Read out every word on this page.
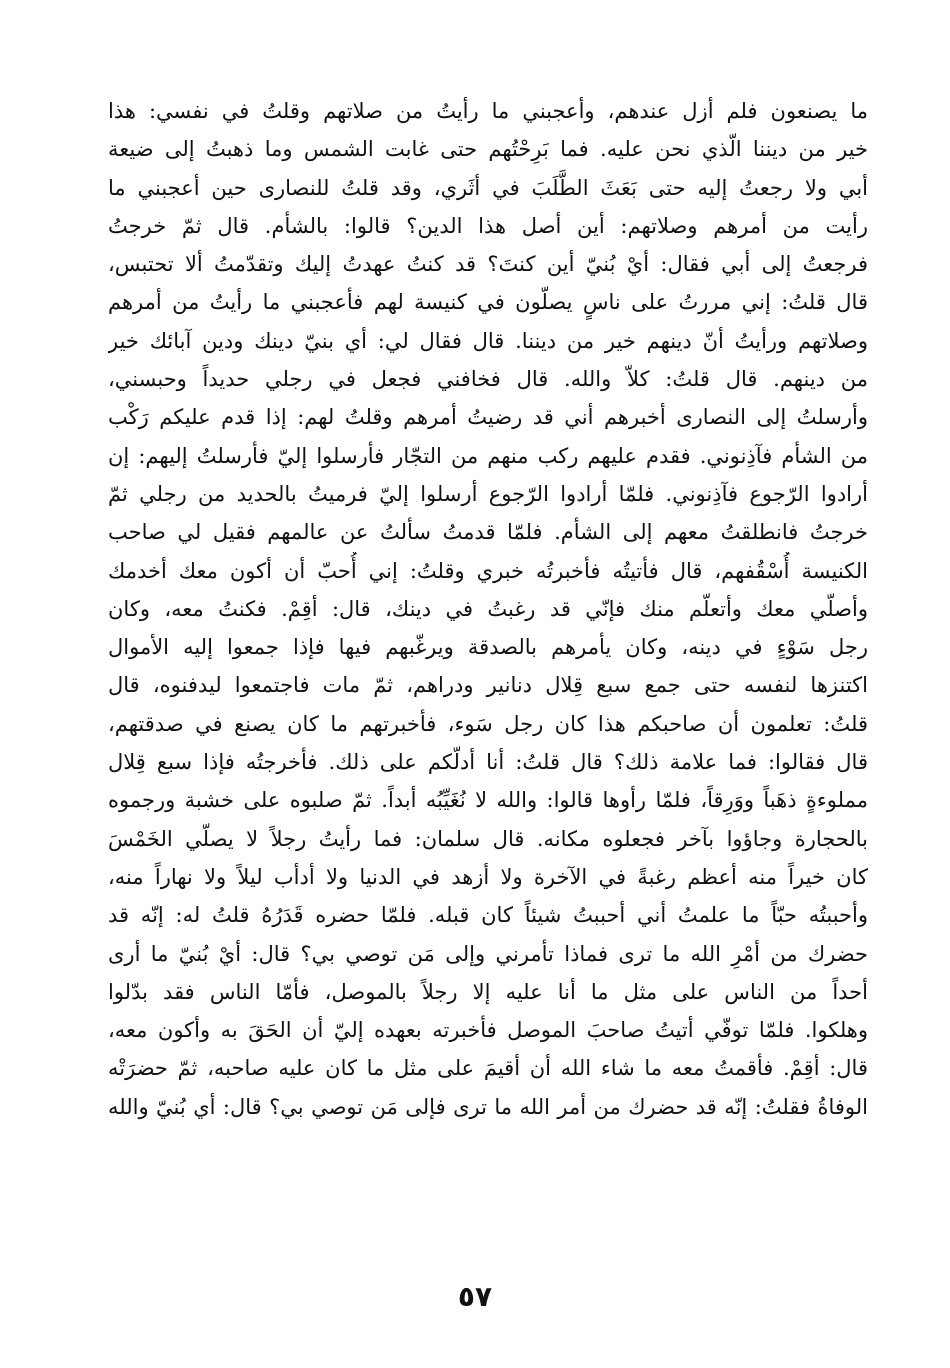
ما يصنعون فلم أزل عندهم، وأعجبني ما رأيتُ من صلاتهم وقلتُ في نفسي: هذا
خير من ديننا الّذي نحن عليه. فما بَرِحْتُهم حتى غابت الشمس وما ذهبتُ إلى ضيعة
أبي ولا رجعتُ إليه حتى بَعَثَ الطَّلَبَ في أثَري، وقد قلتُ للنصارى حين أعجبني ما
رأيت من أمرهم وصلاتهم: أين أصل هذا الدين؟ قالوا: بالشأم. قال ثمّ خرجتُ
فرجعتُ إلى أبي فقال: أيْ بُنيّ أين كنتَ؟ قد كنتُ عهدتُ إليك وتقدّمتُ ألا تحتبس،
قال قلتُ: إني مررتُ على ناسٍ يصلّون في كنيسة لهم فأعجبني ما رأيتُ من أمرهم
وصلاتهم ورأيتُ أنّ دينهم خير من ديننا. قال فقال لي: أي بنيّ دينك ودين آبائك خير
من دينهم. قال قلتُ: كلاّ والله. قال فخافني فجعل في رجلي حديداً وحبسني،
وأرسلتُ إلى النصارى أخبرهم أني قد رضيتُ أمرهم وقلتُ لهم: إذا قدم عليكم رَكْب
من الشأم فآذِنوني. فقدم عليهم ركب منهم من التجّار فأرسلوا إليّ فأرسلتُ إليهم: إن
أرادوا الرّجوع فآذِنوني. فلمّا أرادوا الرّجوع أرسلوا إليّ فرميتُ بالحديد من رجلي ثمّ
خرجتُ فانطلقتُ معهم إلى الشأم. فلمّا قدمتُ سألتُ عن عالمهم فقيل لي صاحب
الكنيسة أُسْقُفهم، قال فأتيتُه فأخبرتُه خبري وقلتُ: إني أُحبّ أن أكون معك أخدمك
وأصلّي معك وأتعلّم منك فإنّي قد رغبتُ في دينك، قال: أقِمْ. فكنتُ معه، وكان
رجل سَوْءٍ في دينه، وكان يأمرهم بالصدقة ويرغّبهم فيها فإذا جمعوا إليه الأموال
اكتنزها لنفسه حتى جمع سبع قِلال دنانير ودراهم، ثمّ مات فاجتمعوا ليدفنوه، قال
قلتُ: تعلمون أن صاحبكم هذا كان رجل سَوء، فأخبرتهم ما كان يصنع في صدقتهم،
قال فقالوا: فما علامة ذلك؟ قال قلتُ: أنا أدلّكم على ذلك. فأخرجتُه فإذا سبع قِلال
مملوءةٍ ذهَباً ووَرِقاً، فلمّا رأوها قالوا: والله لا نُغَيِّبُه أبداً. ثمّ صلبوه على خشبة ورجموه
بالحجارة وجاؤوا بآخر فجعلوه مكانه. قال سلمان: فما رأيتُ رجلاً لا يصلّي الخَمْسَ
كان خيراً منه أعظم رغبةً في الآخرة ولا أزهد في الدنيا ولا أدأب ليلاً ولا نهاراً منه،
وأحببتُه حبّاً ما علمتُ أني أحببتُ شيئاً كان قبله. فلمّا حضره قَدَرُهُ قلتُ له: إنّه قد
حضرك من أمْرِ الله ما ترى فماذا تأمرني وإلى مَن توصي بي؟ قال: أيْ بُنيّ ما أرى
أحداً من الناس على مثل ما أنا عليه إلا رجلاً بالموصل، فأمّا الناس فقد بدّلوا
وهلكوا. فلمّا توفّي أتيتُ صاحبَ الموصل فأخبرته بعهده إليّ أن الحَقَ به وأكون معه،
قال: أقِمْ. فأقمتُ معه ما شاء الله أن أقيمَ على مثل ما كان عليه صاحبه، ثمّ حضرَتْه
الوفاةُ فقلتُ: إنّه قد حضرك من أمر الله ما ترى فإلى مَن توصي بي؟ قال: أي بُنيّ والله
٥٧
